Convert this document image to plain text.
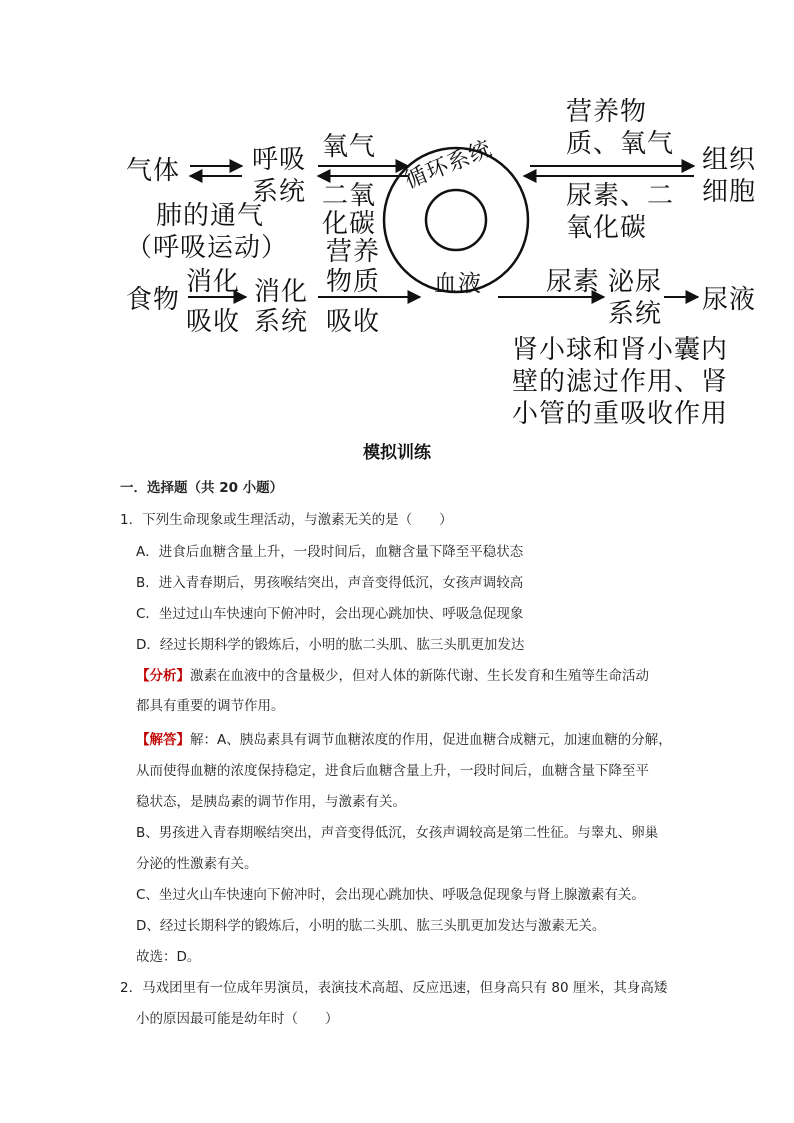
气体	呼吸
系统
食物	消化
系统
氧气
二氧
化碳
肺的通气
（呼吸运动）
消化
吸收
营养
物质
吸收
循环系统
血液
营养物
质、氧气
尿素、二
氧化碳
尿素
肾小球和肾小囊内
壁的滤过作用、肾
小管的重吸收作用
组织
细胞
泌尿
系统 尿液
模拟训练
一．选择题（共 20 小题）
1．下列生命现象或生理活动，与激素无关的是（　　）
A．进食后血糖含量上升，一段时间后，血糖含量下降至平稳状态
B．进入青春期后，男孩喉结突出，声音变得低沉，女孩声调较高
C．坐过过山车快速向下俯冲时，会出现心跳加快、呼吸急促现象
D．经过长期科学的锻炼后，小明的肱二头肌、肱三头肌更加发达
【分析】激素在血液中的含量极少，但对人体的新陈代谢、生长发育和生殖等生命活动
都具有重要的调节作用。
【解答】解：A、胰岛素具有调节血糖浓度的作用，促进血糖合成糖元，加速血糖的分解，
从而使得血糖的浓度保持稳定，进食后血糖含量上升，一段时间后，血糖含量下降至平
稳状态，是胰岛素的调节作用，与激素有关。
B、男孩进入青春期喉结突出，声音变得低沉，女孩声调较高是第二性征。与睾丸、卵巢
分泌的性激素有关。
C、坐过火山车快速向下俯冲时，会出现心跳加快、呼吸急促现象与肾上腺激素有关。
D、经过长期科学的锻炼后，小明的肱二头肌、肱三头肌更加发达与激素无关。
故选：D。
2．马戏团里有一位成年男演员，表演技术高超、反应迅速，但身高只有 80 厘米，其身高矮
小的原因最可能是幼年时（　　）
